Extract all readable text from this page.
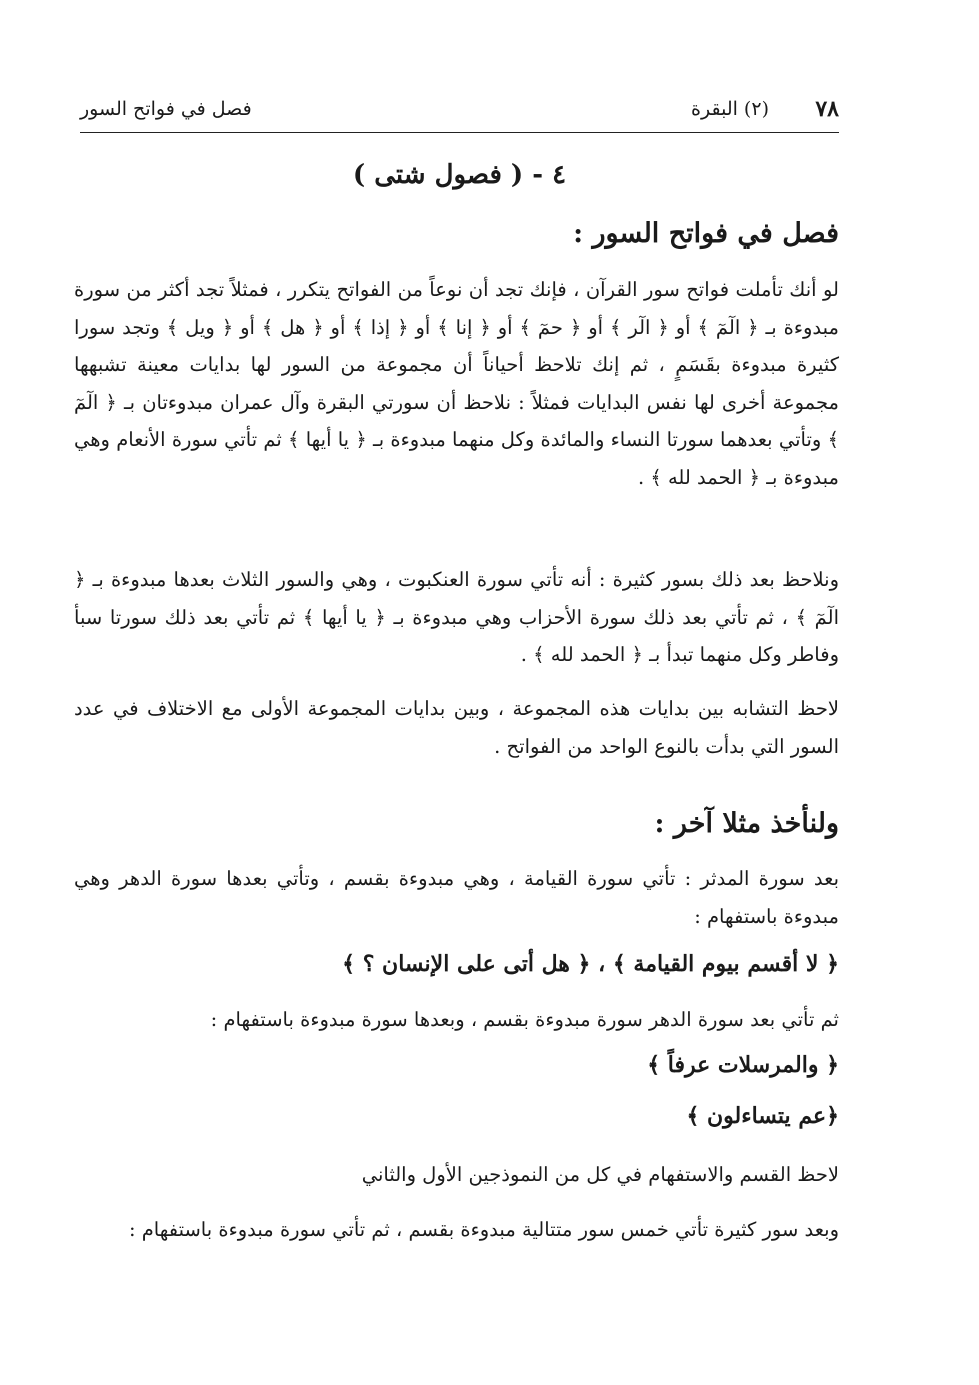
٧٨
(٢) البقرة
فصل في فواتح السور
٤ - ( فصول شتى )
فصل في فواتح السور :
لو أنك تأملت فواتح سور القرآن ، فإنك تجد أن نوعاً من الفواتح يتكرر ، فمثلاً تجد أكثر من سورة مبدوءة بـ ﴿ الٓمٓ ﴾ أو ﴿ الٓر ﴾ أو ﴿ حمٓ ﴾ أو ﴿ إنا ﴾ أو ﴿ إذا ﴾ أو ﴿ هل ﴾ أو ﴿ ويل ﴾ وتجد سورا كثيرة مبدوءة بقَسَمٍ ، ثم إنك تلاحظ أحياناً أن مجموعة من السور لها بدايات معينة تشبهها مجموعة أخرى لها نفس البدايات فمثلاً : نلاحظ أن سورتي البقرة وآل عمران مبدوءتان بـ ﴿ الٓمٓ ﴾ وتأتي بعدهما سورتا النساء والمائدة وكل منهما مبدوءة بـ ﴿ يا أيها ﴾ ثم تأتي سورة الأنعام وهي مبدوءة بـ ﴿ الحمد لله ﴾ .
ونلاحظ بعد ذلك بسور كثيرة : أنه تأتي سورة العنكبوت ، وهي والسور الثلاث بعدها مبدوءة بـ ﴿ الٓمٓ ﴾ ، ثم تأتي بعد ذلك سورة الأحزاب وهي مبدوءة بـ ﴿ يا أيها ﴾ ثم تأتي بعد ذلك سورتا سبأ وفاطر وكل منهما تبدأ بـ ﴿ الحمد لله ﴾ .
لاحظ التشابه بين بدايات هذه المجموعة ، وبين بدايات المجموعة الأولى مع الاختلاف في عدد السور التي بدأت بالنوع الواحد من الفواتح .
ولنأخذ مثلا آخر :
بعد سورة المدثر : تأتي سورة القيامة ، وهي مبدوءة بقسم ، وتأتي بعدها سورة الدهر وهي مبدوءة باستفهام :
﴿ لا أقسم بيوم القيامة ﴾ ، ﴿ هل أتى على الإنسان ؟ ﴾
ثم تأتي بعد سورة الدهر سورة مبدوءة بقسم ، وبعدها سورة مبدوءة باستفهام :
﴿ والمرسلات عرفاً ﴾
﴿عم يتساءلون ﴾
لاحظ القسم والاستفهام في كل من النموذجين الأول والثاني
وبعد سور كثيرة تأتي خمس سور متتالية مبدوءة بقسم ، ثم تأتي سورة مبدوءة باستفهام :
